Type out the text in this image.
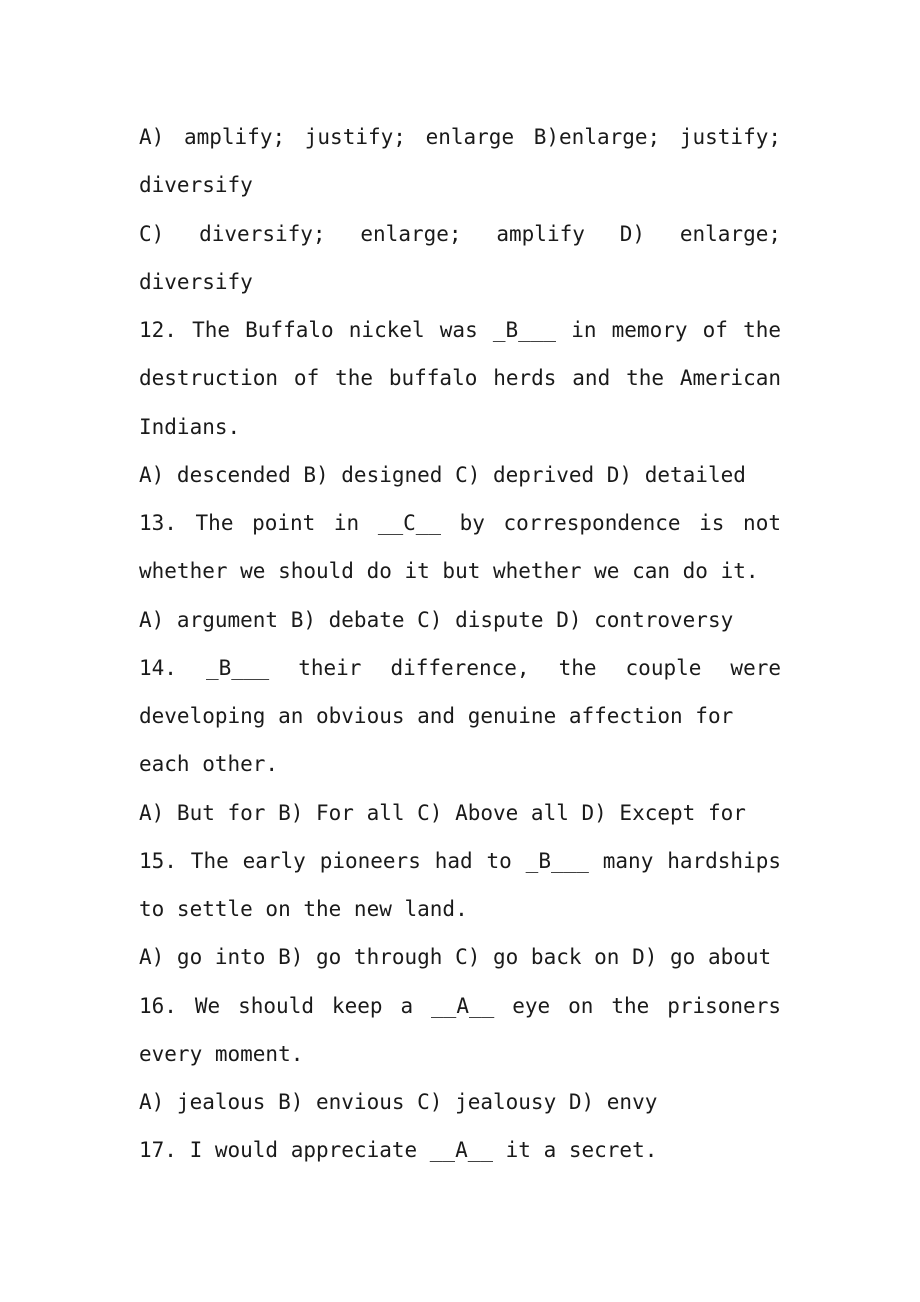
A) amplify; justify; enlarge B)enlarge; justify;
diversify
C) diversify; enlarge; amplify D) enlarge;
diversify
12. The Buffalo nickel was _B___ in memory of the
destruction of the buffalo herds and the American
Indians.
A) descended B) designed C) deprived D) detailed
13. The point in __C__ by correspondence is not
whether we should do it but whether we can do it.
A) argument B) debate C) dispute D) controversy
14. _B___ their difference, the couple were
developing an obvious and genuine affection for
each other.
A) But for B) For all C) Above all D) Except for
15. The early pioneers had to _B___ many hardships
to settle on the new land.
A) go into B) go through C) go back on D) go about
16. We should keep a __A__ eye on the prisoners
every moment.
A) jealous B) envious C) jealousy D) envy
17. I would appreciate __A__ it a secret.
